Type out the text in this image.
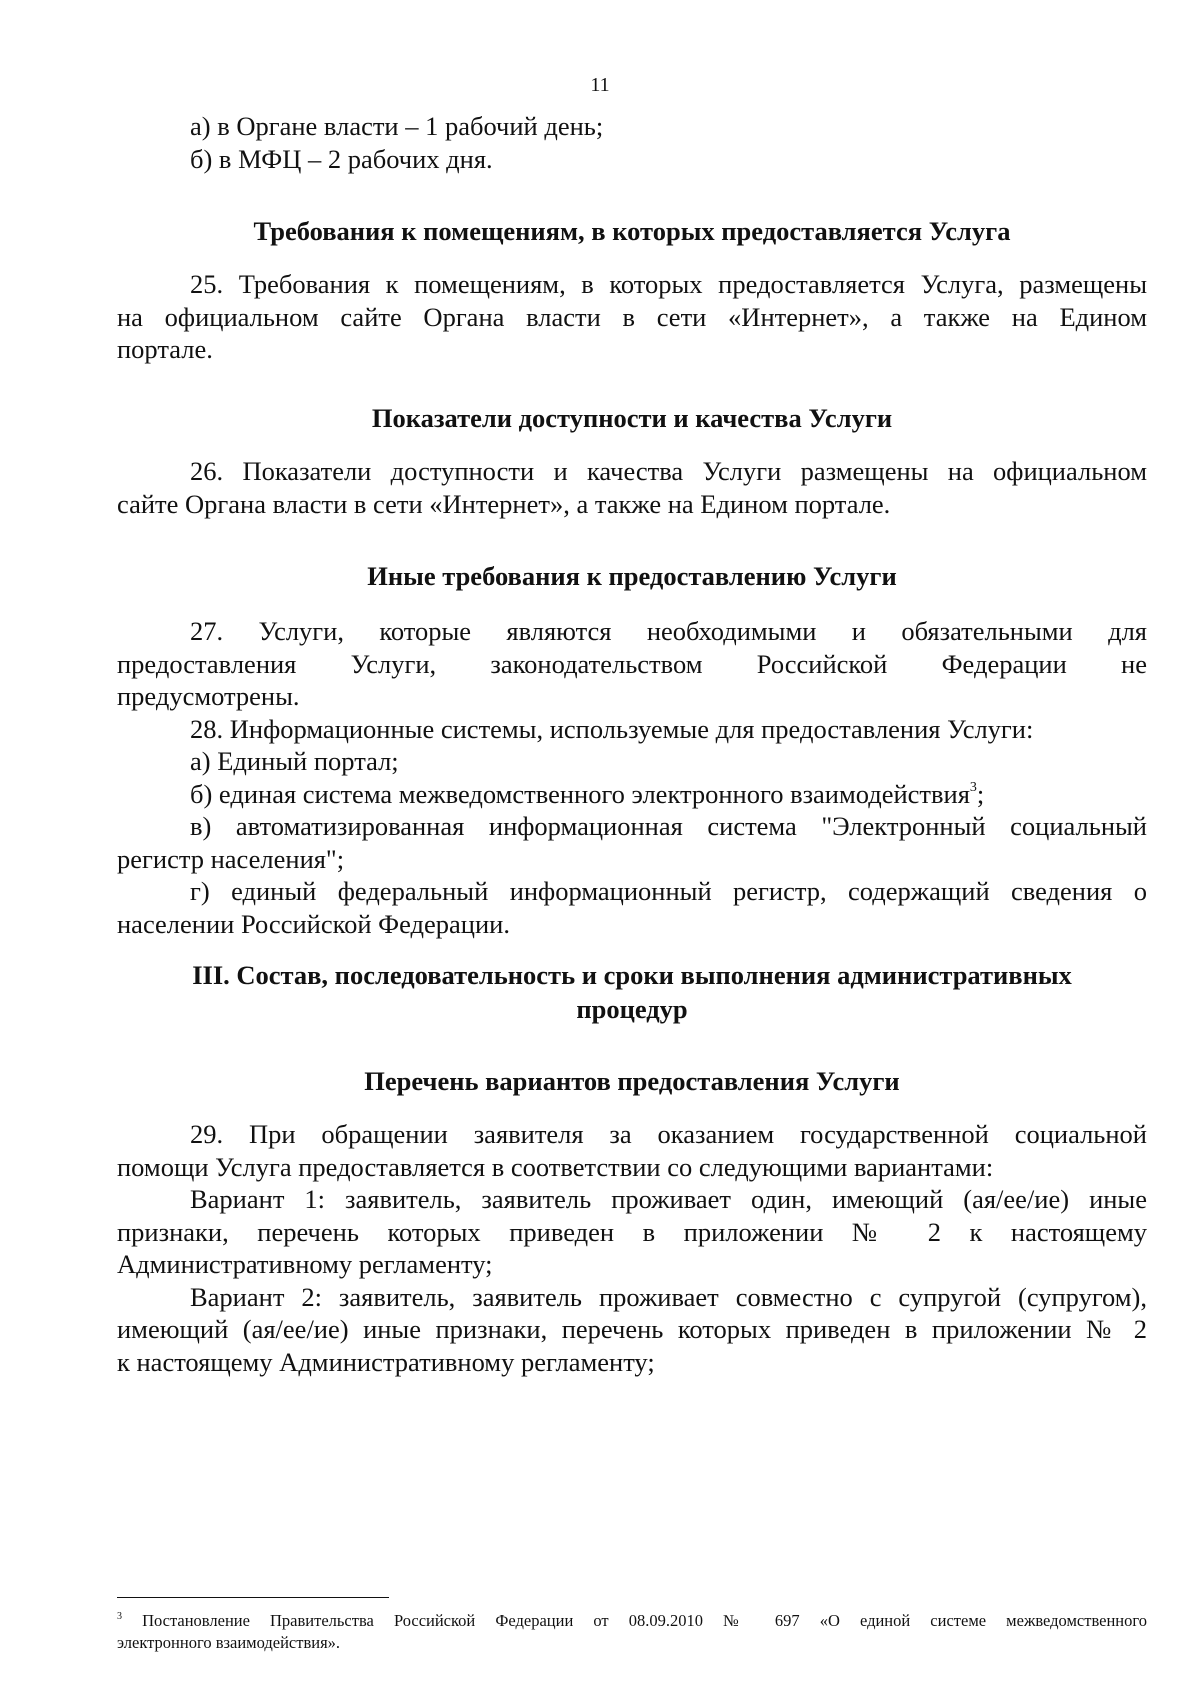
11
а) в Органе власти – 1 рабочий день;
б) в МФЦ – 2 рабочих дня.
Требования к помещениям, в которых предоставляется Услуга
25. Требования к помещениям, в которых предоставляется Услуга, размещены
на официальном сайте Органа власти в сети «Интернет», а также на Едином
портале.
Показатели доступности и качества Услуги
26. Показатели доступности и качества Услуги размещены на официальном
сайте Органа власти в сети «Интернет», а также на Едином портале.
Иные требования к предоставлению Услуги
27. Услуги, которые являются необходимыми и обязательными для
предоставления Услуги, законодательством Российской Федерации не
предусмотрены.
28. Информационные системы, используемые для предоставления Услуги:
а) Единый портал;
б) единая система межведомственного электронного взаимодействия$^3$;
в) автоматизированная информационная система "Электронный социальный
регистр населения";
г) единый федеральный информационный регистр, содержащий сведения о
населении Российской Федерации.
III. Состав, последовательность и сроки выполнения административных
процедур
Перечень вариантов предоставления Услуги
29. При обращении заявителя за оказанием государственной социальной
помощи Услуга предоставляется в соответствии со следующими вариантами:
Вариант 1: заявитель, заявитель проживает один, имеющий (ая/ее/ие) иные
признаки, перечень которых приведен в приложении № 2 к настоящему
Административному регламенту;
Вариант 2: заявитель, заявитель проживает совместно с супругой (супругом),
имеющий (ая/ее/ие) иные признаки, перечень которых приведен в приложении № 2
к настоящему Административному регламенту;
$^3$ Постановление Правительства Российской Федерации от 08.09.2010 № 697 «О единой системе межведомственного
электронного взаимодействия».
